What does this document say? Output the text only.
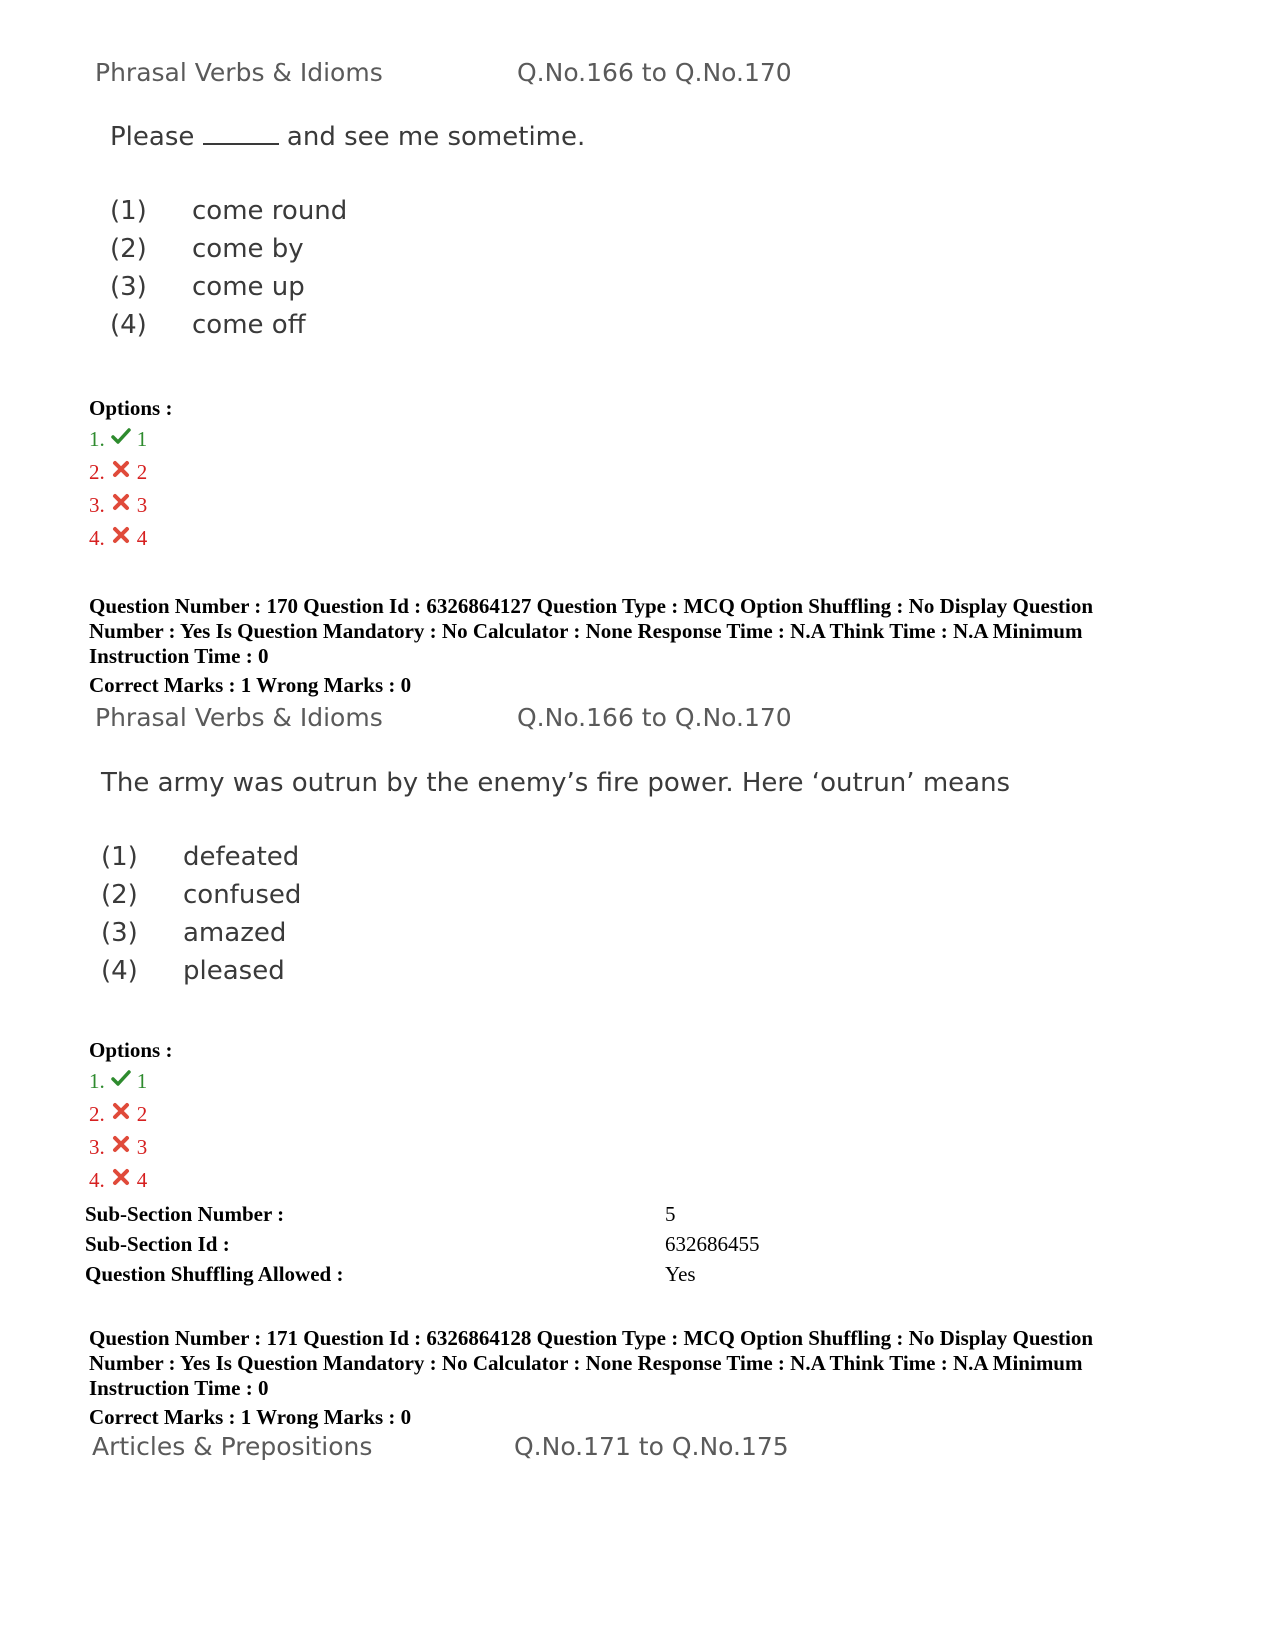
Phrasal Verbs & Idioms	Q.No.166 to Q.No.170
Please	and see me sometime.
(1)	come round
(2)	come by
(3)	come up
(4)	come off
Options :
1. 1
2. 2
3. 3
4. 4
Question Number : 170 Question Id : 6326864127 Question Type : MCQ Option Shuffling : No Display Question Number : Yes Is Question Mandatory : No Calculator : None Response Time : N.A Think Time : N.A Minimum Instruction Time : 0
Correct Marks : 1 Wrong Marks : 0
Phrasal Verbs & Idioms	Q.No.166 to Q.No.170
The army was outrun by the enemy’s fire power. Here ‘outrun’ means
(1)	defeated
(2)	confused
(3)	amazed
(4)	pleased
Options :
1. 1
2. 2
3. 3
4. 4
Sub-Section Number :	5
Sub-Section Id :	632686455
Question Shuffling Allowed :	Yes
Question Number : 171 Question Id : 6326864128 Question Type : MCQ Option Shuffling : No Display Question Number : Yes Is Question Mandatory : No Calculator : None Response Time : N.A Think Time : N.A Minimum Instruction Time : 0
Correct Marks : 1 Wrong Marks : 0
Articles & Prepositions	Q.No.171 to Q.No.175
